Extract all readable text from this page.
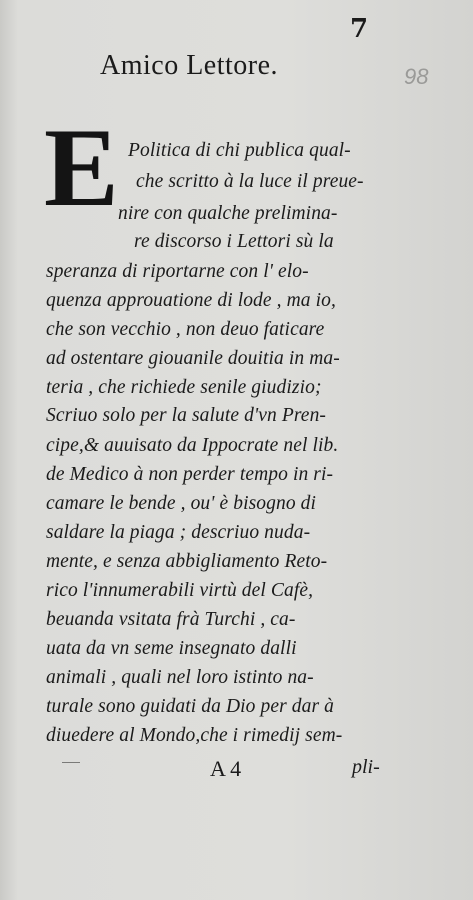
7
Amico Lettore.	98
E Politica di chi publica qual-
che scritto à la luce il preue-
nire con qualche prelimina-
re discorso i Lettori sù la
speranza di riportarne con l' elo-
quenza approuatione di lode , ma io,
che son vecchio , non deuo faticare
ad ostentare giouanile douitia in ma-
teria , che richiede senile giudizio;
Scriuo solo per la salute d'vn Pren-
cipe,& auuisato da Ippocrate nel lib.
de Medico à non perder tempo in ri-
camare le bende , ou' è bisogno di
saldare la piaga ; descriuo nuda-
mente, e senza abbigliamento Reto-
rico l'innumerabili virtù del Cafè,
beuanda vsitata frà Turchi , ca-
uata da vn seme insegnato dalli
animali , quali nel loro istinto na-
turale sono guidati da Dio per dar à
diuedere al Mondo,che i rimedij sem-
A 4	pli-
